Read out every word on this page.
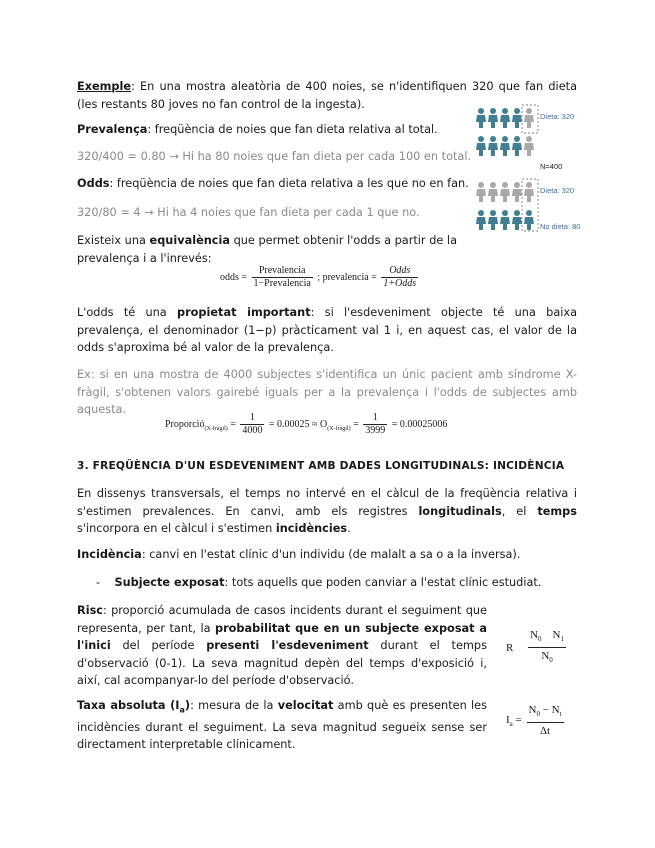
Exemple: En una mostra aleatòria de 400 noies, se n'identifiquen 320 que fan dieta (les restants 80 joves no fan control de la ingesta).

Prevalença: freqüència de noies que fan dieta relativa al total.

320/400 = 0.80 → Hi ha 80 noies que fan dieta per cada 100 en total.

Odds: freqüència de noies que fan dieta relativa a les que no en fan.

320/80 = 4 → Hi ha 4 noies que fan dieta per cada 1 que no.

Existeix una equivalència que permet obtenir l'odds a partir de la prevalença i a l'inrevés:

odds = $\frac{\text{Prevalencia}}{\text{1−Prevalencia}}$ ; prevalencia = $\frac{\text{Odds}}{\text{1+Odds}}$
Dieta: 320
N=400
Dieta: 320
No dieta: 80

L'odds té una propietat important: si l'esdeveniment objecte té una baixa prevalença, el denominador (1−p) pràcticament val 1 i, en aquest cas, el valor de la odds s'aproxima bé al valor de la prevalença.

Ex: si en una mostra de 4000 subjectes s'identifica un únic pacient amb síndrome X-fràgil, s'obtenen valors gairebé iguals per a la prevalença i l'odds de subjectes amb aquesta.

Proporció$_{(X-fràgil)}$ = $\frac{1}{4000} = 0.00025 \approx O_{(X-fràgil)} = \frac{1}{3999} = 0.00025006$

3. FREQÜÈNCIA D'UN ESDEVENIMENT AMB DADES LONGITUDINALS: INCIDÈNCIA

En dissenys transversals, el temps no intervé en el càlcul de la freqüència relativa i s'estimen prevalences. En canvi, amb els registres longitudinals, el temps s'incorpora en el càlcul i s'estimen incidències.

Incidència: canvi en l'estat clínic d'un individu (de malalt a sa o a la inversa).

- Subjecte exposat: tots aquells que poden canviar a l'estat clínic estudiat.

Risc: proporció acumulada de casos incidents durant el seguiment que representa, per tant, la probabilitat que en un subjecte exposat a l'inici del període presenti l'esdeveniment durant el temps d'observació (0-1). La seva magnitud depèn del temps d'exposició i, així, cal acompanyar-lo del període d'observació.

R $\frac{N_0 N_1}{N_0}$

Taxa absoluta $(I_a)$: mesura de la velocitat amb què es presenten les incidències durant el seguiment. La seva magnitud segueix sense ser directament interpretable clínicament.

$I_a = \frac{N_0 - N_t}{\Delta t}$
